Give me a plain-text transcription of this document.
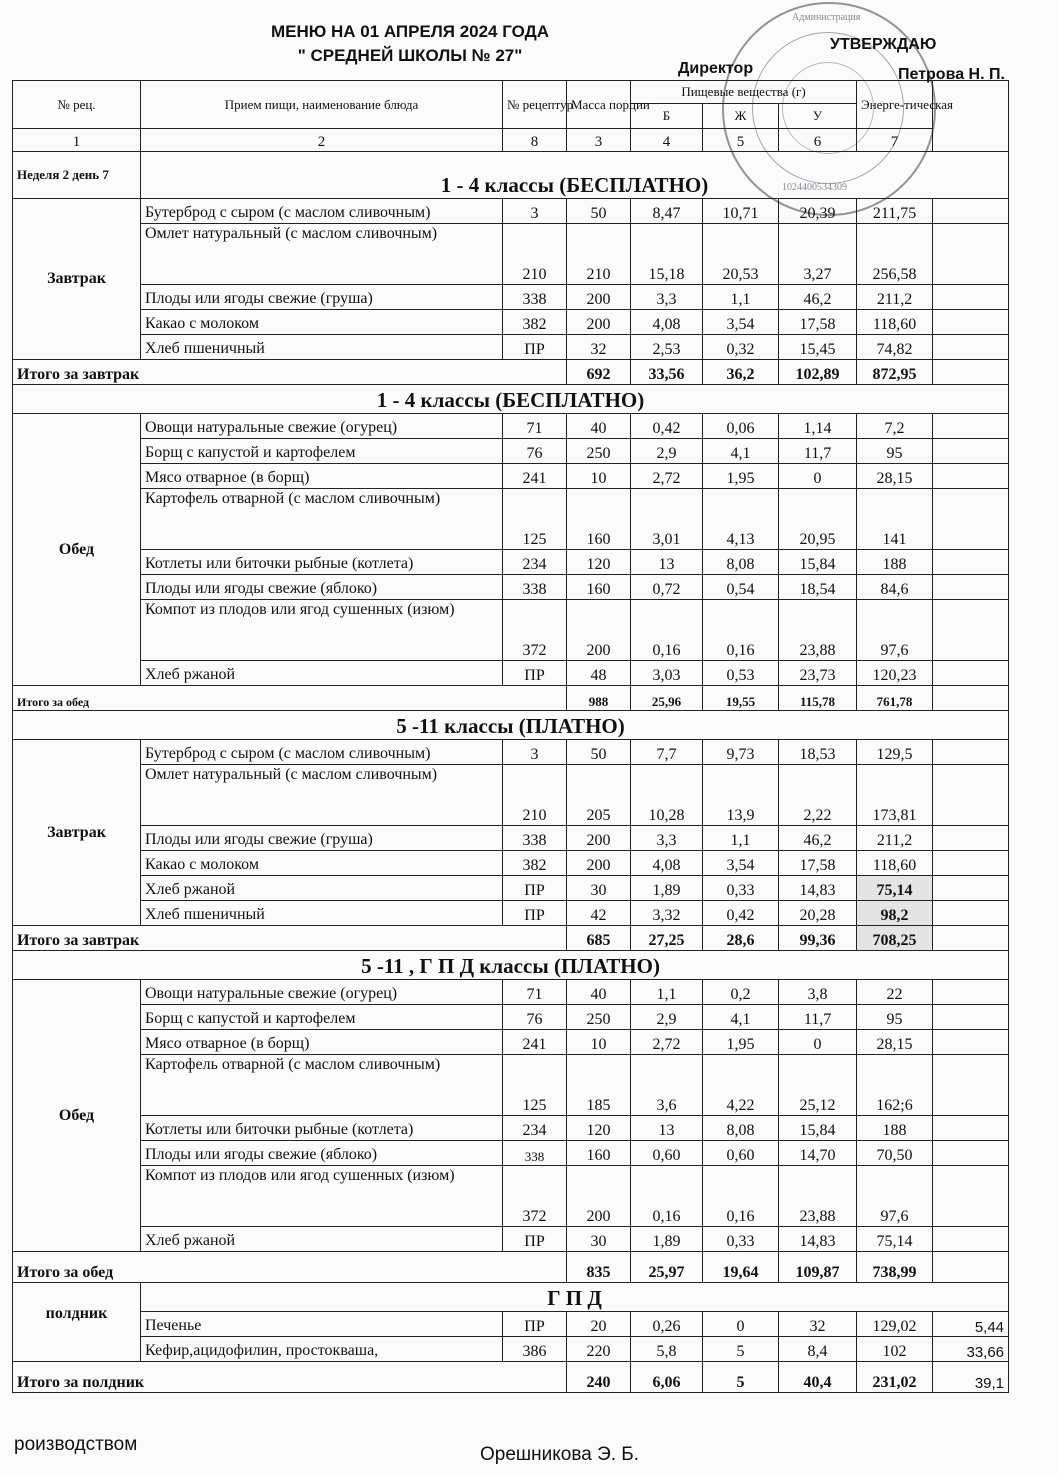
МЕНЮ НА 01 АПРЕЛЯ 2024 ГОДА
" СРЕДНЕЙ ШКОЛЫ № 27"
Администрация
1024400534309
УТВЕРЖДАЮ
Директор	Петрова Н. П.
№ рец.	Прием пищи, наименование блюда	№ рецептур	Масса порции	Пищевые вещества (г)			Энерге-тическая	
				Б	Ж	У		
1	2	8	3	4	5	6	7	
Неделя 2 день 7	1 - 4 классы (БЕСПЛАТНО)							
Завтрак	Бутерброд с сыром (с маслом сливочным)	3	50	8,47	10,71	20,39	211,75	
	Омлет натуральный (с маслом сливочным)	210	210	15,18	20,53	3,27	256,58	
	Плоды или ягоды свежие (груша)	338	200	3,3	1,1	46,2	211,2	
	Какао с молоком	382	200	4,08	3,54	17,58	118,60	
	Хлеб пшеничный	ПР	32	2,53	0,32	15,45	74,82	
Итого за завтрак			692	33,56	36,2	102,89	872,95	
1 - 4 классы (БЕСПЛАТНО)								
Обед	Овощи натуральные свежие (огурец)	71	40	0,42	0,06	1,14	7,2	
	Борщ с капустой и картофелем	76	250	2,9	4,1	11,7	95	
	Мясо отварное (в борщ)	241	10	2,72	1,95	0	28,15	
	Картофель отварной (с маслом сливочным)	125	160	3,01	4,13	20,95	141	
	Котлеты или биточки рыбные (котлета)	234	120	13	8,08	15,84	188	
	Плоды или ягоды свежие (яблоко)	338	160	0,72	0,54	18,54	84,6	
	Компот из плодов или ягод сушенных (изюм)	372	200	0,16	0,16	23,88	97,6	
	Хлеб ржаной	ПР	48	3,03	0,53	23,73	120,23	
Итого за обед			988	25,96	19,55	115,78	761,78	
5 -11 классы (ПЛАТНО)								
Завтрак	Бутерброд с сыром (с маслом сливочным)	3	50	7,7	9,73	18,53	129,5	
	Омлет натуральный (с маслом сливочным)	210	205	10,28	13,9	2,22	173,81	
	Плоды или ягоды свежие (груша)	338	200	3,3	1,1	46,2	211,2	
	Какао с молоком	382	200	4,08	3,54	17,58	118,60	
	Хлеб ржаной	ПР	30	1,89	0,33	14,83	75,14	
	Хлеб пшеничный	ПР	42	3,32	0,42	20,28	98,2	
Итого за завтрак			685	27,25	28,6	99,36	708,25	
5 -11 , Г П Д классы (ПЛАТНО)								
Обед	Овощи натуральные свежие (огурец)	71	40	1,1	0,2	3,8	22	
	Борщ с капустой и картофелем	76	250	2,9	4,1	11,7	95	
	Мясо отварное (в борщ)	241	10	2,72	1,95	0	28,15	
	Картофель отварной (с маслом сливочным)	125	185	3,6	4,22	25,12	162;6	
	Котлеты или биточки рыбные (котлета)	234	120	13	8,08	15,84	188	
	Плоды или ягоды свежие (яблоко)	338	160	0,60	0,60	14,70	70,50	
	Компот из плодов или ягод сушенных (изюм)	372	200	0,16	0,16	23,88	97,6	
	Хлеб ржаной	ПР	30	1,89	0,33	14,83	75,14	
Итого за обед			835	25,97	19,64	109,87	738,99	
полдник	Г П Д							
	Печенье	ПР	20	0,26	0	32	129,02	5,44
	Кефир,ацидофилин, простокваша,	386	220	5,8	5	8,4	102	33,66
Итого за полдник			240	6,06	5	40,4	231,02	39,1
роизводством	Орешникова Э. Б.
